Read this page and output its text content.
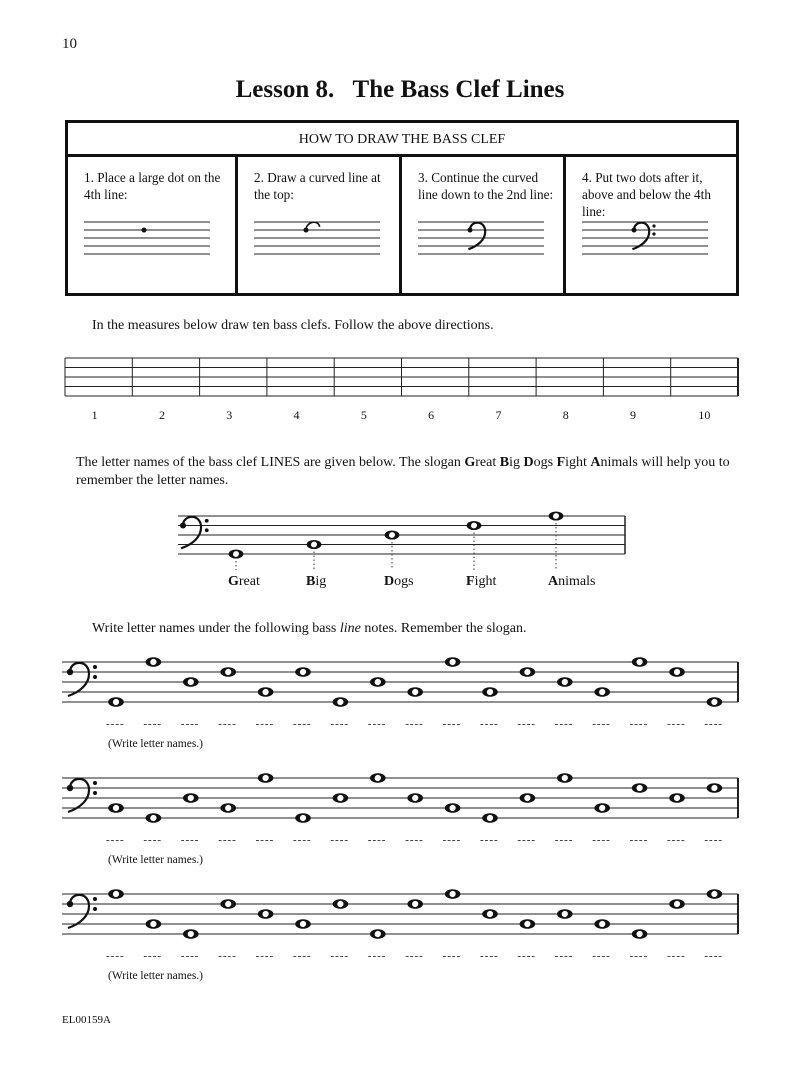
10
Lesson 8.   The Bass Clef Lines
HOW TO DRAW THE BASS CLEF
1. Place a large dot on the 4th line:
2. Draw a curved line at the top:
3. Continue the curved line down to the 2nd line:
4. Put two dots after it, above and below the 4th line:
In the measures below draw ten bass clefs. Follow the above directions.
1	2	3	4	5	6	7	8	9	10
The letter names of the bass clef LINES are given below. The slogan Great Big Dogs Fight Animals will help you to remember the letter names.
Great	Big	Dogs	Fight	Animals
Write letter names under the following bass line notes. Remember the slogan.
---- ---- ---- ---- ---- ---- ---- ---- ---- ---- ---- ---- ---- ---- ---- ---- ----
(Write letter names.)
---- ---- ---- ---- ---- ---- ---- ---- ---- ---- ---- ---- ---- ---- ---- ---- ----
(Write letter names.)
---- ---- ---- ---- ---- ---- ---- ---- ---- ---- ---- ---- ---- ---- ---- ---- ----
(Write letter names.)
EL00159A
